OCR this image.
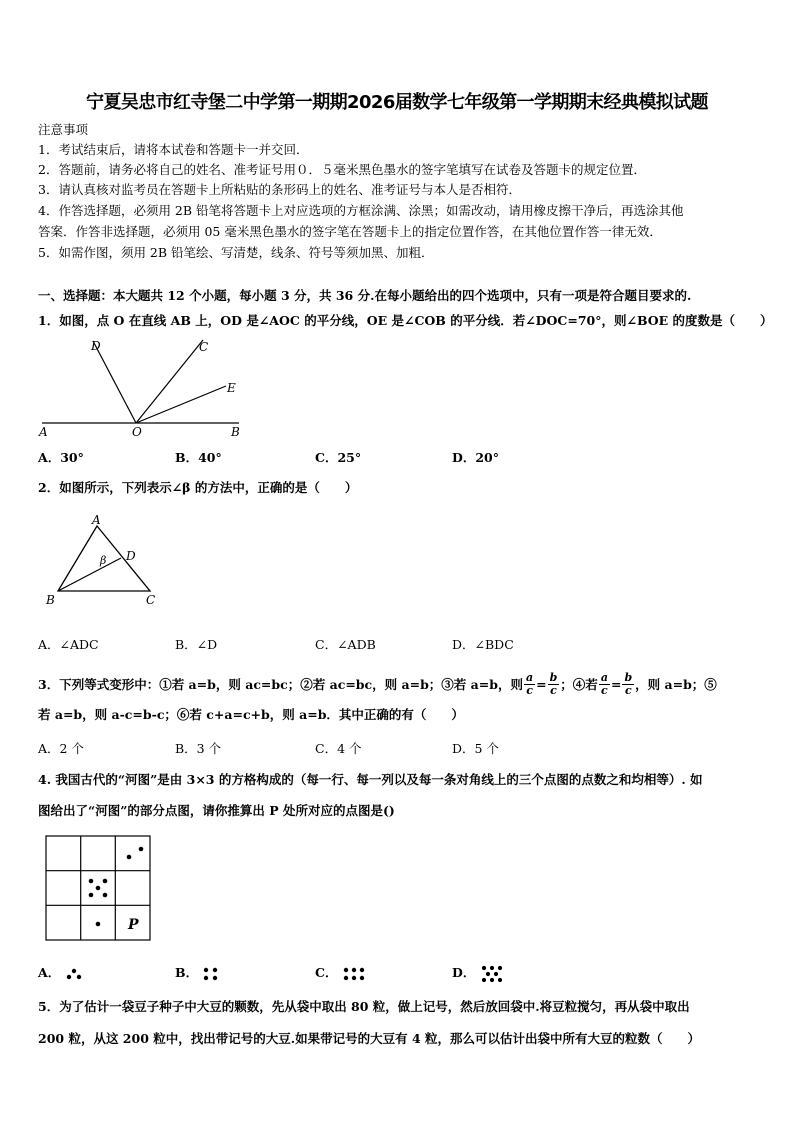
宁夏吴忠市红寺堡二中学第一期期2026届数学七年级第一学期期末经典模拟试题
注意事项
1．考试结束后，请将本试卷和答题卡一并交回．
2．答题前，请务必将自己的姓名、准考证号用０．５毫米黑色墨水的签字笔填写在试卷及答题卡的规定位置．
3．请认真核对监考员在答题卡上所粘贴的条形码上的姓名、准考证号与本人是否相符．
4．作答选择题，必须用 2B 铅笔将答题卡上对应选项的方框涂满、涂黑；如需改动，请用橡皮擦干净后，再选涂其他
答案．作答非选择题，必须用 05 毫米黑色墨水的签字笔在答题卡上的指定位置作答，在其他位置作答一律无效．
5．如需作图，须用 2B 铅笔绘、写清楚，线条、符号等须加黑、加粗．
一、选择题：本大题共 12 个小题，每小题 3 分，共 36 分.在每小题给出的四个选项中，只有一项是符合题目要求的.
1．如图，点 O 在直线 AB 上，OD 是∠AOC 的平分线，OE 是∠COB 的平分线．若∠DOC=70°，则∠BOE 的度数是（　　）
D	C
E
A	O	B
A．30°	B．40°	C．25°	D．20°
2．如图所示，下列表示∠β 的方法中，正确的是（　　）
A
B	C
D
β
A．∠ADC	B．∠D	C．∠ADB	D．∠BDC
3．下列等式变形中：①若 a=b，则 ac=bc；②若 ac=bc，则 a=b；③若 a=b，则 $\frac{a}{c} = \frac{b}{c}$ ；④若 $\frac{a}{c} = \frac{b}{c}$ ，则 a=b；⑤
若 a=b，则 a-c=b-c；⑥若 c+a=c+b，则 a=b．其中正确的有（　　）
A．2 个	B．3 个	C．4 个	D．5 个
4. 我国古代的“河图”是由 3×3 的方格构成的（每一行、每一列以及每一条对角线上的三个点图的点数之和均相等）. 如
图给出了“河图”的部分点图，请你推算出 P 处所对应的点图是()
P
A．	B．	C．	D．
5．为了估计一袋豆子种子中大豆的颗数，先从袋中取出 80 粒，做上记号，然后放回袋中.将豆粒搅匀，再从袋中取出
200 粒，从这 200 粒中，找出带记号的大豆.如果带记号的大豆有 4 粒，那么可以估计出袋中所有大豆的粒数（　　）
